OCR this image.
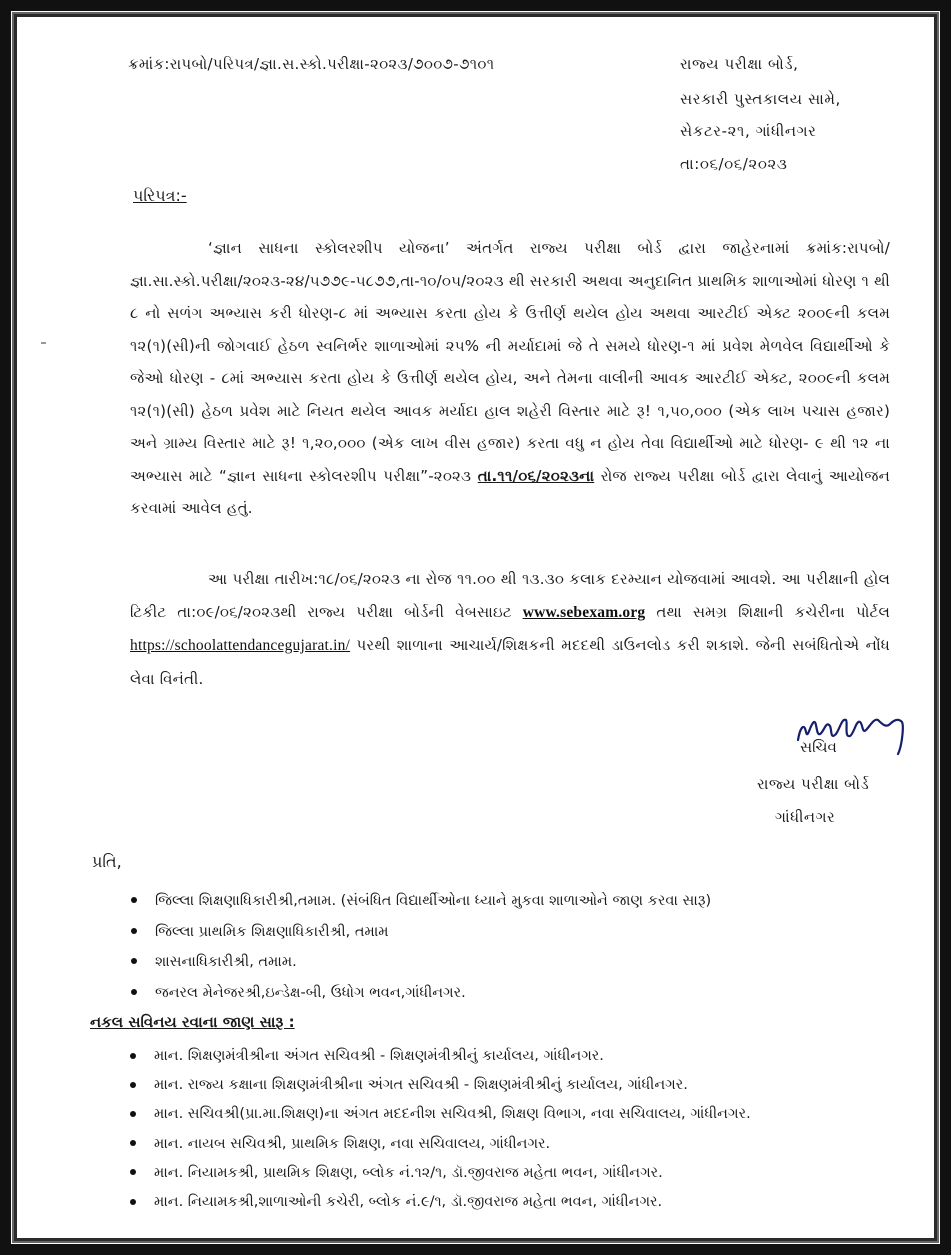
ક્રમાંક:રાપબો/પરિપત્ર/જ્ઞા.સ.સ્કો.પરીક્ષા-૨૦૨૩/૭૦૦૭-૭૧૦૧	રાજ્ય પરીક્ષા બોર્ડ,
સરકારી પુસ્તકાલય સામે,
સેકટર-૨૧, ગાંધીનગર
તા:૦૬/૦૬/૨૦૨૩
પરિપત્ર:-
‘જ્ઞાન સાધના સ્કોલરશીપ યોજના’ અંતર્ગત રાજ્ય પરીક્ષા બોર્ડ દ્વારા જાહેરનામાં ક્રમાંક:રાપબો/ જ્ઞા.સા.સ્કો.પરીક્ષા/૨૦૨૩-૨૪/૫૭૭૯-૫૮૭૭,તા-૧૦/૦૫/૨૦૨૩ થી સરકારી અથવા અનુદાનિત પ્રાથમિક શાળાઓમાં ધોરણ ૧ થી ૮ નો સળંગ અભ્યાસ કરી ધોરણ-૮ માં અભ્યાસ કરતા હોય કે ઉત્તીર્ણ થયેલ હોય અથવા આરટીઈ એક્ટ ૨૦૦૯ની કલમ ૧૨(૧)(સી)ની જોગવાઈ હેઠળ સ્વનિર્ભર શાળાઓમાં ૨૫% ની મર્યાદામાં જે તે સમયે ધોરણ-૧ માં પ્રવેશ મેળવેલ વિદ્યાર્થીઓ કે જેઓ ધોરણ - ૮માં અભ્યાસ કરતા હોય કે ઉત્તીર્ણ થયેલ હોય, અને તેમના વાલીની આવક આરટીઈ એક્ટ, ૨૦૦૯ની કલમ ૧૨(૧)(સી) હેઠળ પ્રવેશ માટે નિયત થયેલ આવક મર્યાદા હાલ શહેરી વિસ્તાર માટે રૂ! ૧,૫૦,૦૦૦ (એક લાખ પચાસ હજાર) અને ગ્રામ્ય વિસ્તાર માટે રૂ! ૧,૨૦,૦૦૦ (એક લાખ વીસ હજાર) કરતા વધુ ન હોય તેવા વિદ્યાર્થીઓ માટે ધોરણ- ૯ થી ૧૨ ના અભ્યાસ માટે “જ્ઞાન સાધના સ્કોલરશીપ પરીક્ષા”-૨૦૨૩ તા.૧૧/૦૬/૨૦૨૩ના રોજ રાજ્ય પરીક્ષા બોર્ડ દ્વારા લેવાનું આયોજન કરવામાં આવેલ હતું.
આ પરીક્ષા તારીખ:૧૮/૦૬/૨૦૨૩ ના રોજ ૧૧.૦૦ થી ૧૩.૩૦ કલાક દરમ્યાન યોજવામાં આવશે. આ પરીક્ષાની હોલ ટિકીટ તા:૦૯/૦૬/૨૦૨૩થી રાજ્ય પરીક્ષા બોર્ડની વેબસાઇટ www.sebexam.org તથા સમગ્ર શિક્ષાની કચેરીના પોર્ટલ https://schoolattendancegujarat.in/ પરથી શાળાના આચાર્ય/શિક્ષકની મદદથી ડાઉનલોડ કરી શકાશે. જેની સબંધિતોએ નોંધ લેવા વિનંતી.
સચિવ
રાજ્ય પરીક્ષા બોર્ડ
ગાંધીનગર
પ્રતિ,
જિલ્લા શિક્ષણાધિકારીશ્રી,તમામ. (સંબંધિત વિદ્યાર્થીઓના ધ્યાને મુકવા શાળાઓને જાણ કરવા સારૂ)
જિલ્લા પ્રાથમિક શિક્ષણાધિકારીશ્રી, તમામ
શાસનાધિકારીશ્રી, તમામ.
જનરલ મેનેજરશ્રી,ઇન્ડેક્ષ-બી, ઉધોગ ભવન,ગાંધીનગર.
નકલ સવિનય રવાના જાણ સારૂ :
માન. શિક્ષણમંત્રીશ્રીના અંગત સચિવશ્રી - શિક્ષણમંત્રીશ્રીનું કાર્યાલય, ગાંધીનગર.
માન. રાજ્ય કક્ષાના શિક્ષણમંત્રીશ્રીના અંગત સચિવશ્રી - શિક્ષણમંત્રીશ્રીનું કાર્યાલય, ગાંધીનગર.
માન. સચિવશ્રી(પ્રા.મા.શિક્ષણ)ના અંગત મદદનીશ સચિવશ્રી, શિક્ષણ વિભાગ, નવા સચિવાલય, ગાંધીનગર.
માન. નાયબ સચિવશ્રી, પ્રાથમિક શિક્ષણ, નવા સચિવાલય, ગાંધીનગર.
માન. નિયામકશ્રી, પ્રાથમિક શિક્ષણ, બ્લોક નં.૧૨/૧, ડૉ.જીવરાજ મહેતા ભવન, ગાંધીનગર.
માન. નિયામકશ્રી,શાળાઓની કચેરી, બ્લોક નં.૯/૧, ડૉ.જીવરાજ મહેતા ભવન, ગાંધીનગર.
